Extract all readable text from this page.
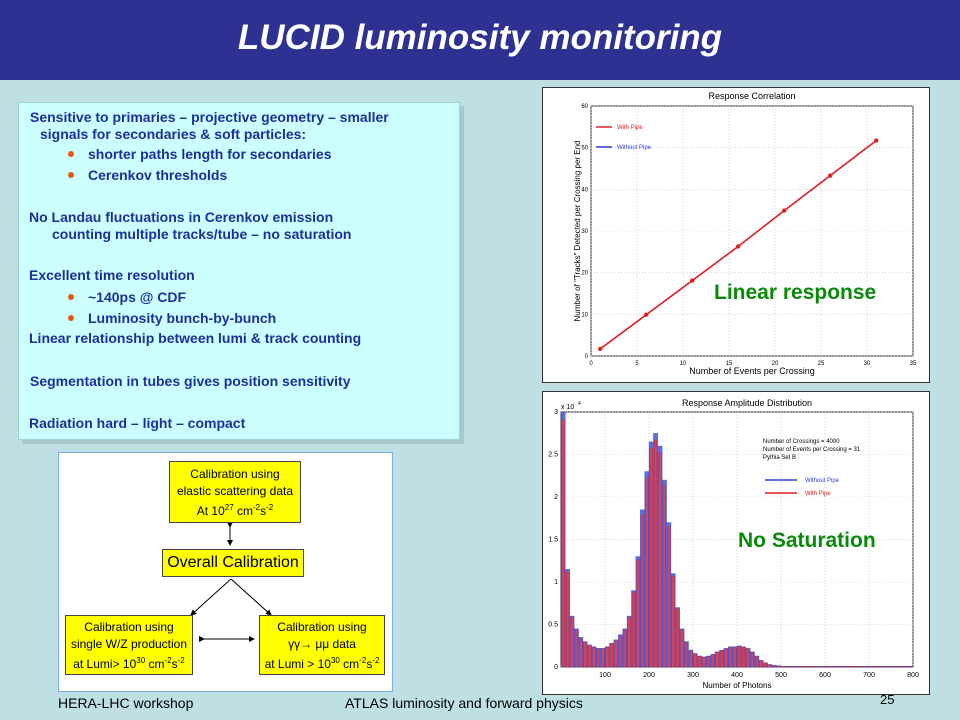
LUCID luminosity monitoring
Sensitive to primaries – projective geometry – smaller
signals for secondaries & soft particles:
shorter paths length for secondaries
Cerenkov thresholds
No Landau fluctuations in Cerenkov emission
counting multiple tracks/tube – no saturation
Excellent time resolution
~140ps @ CDF
Luminosity bunch-by-bunch
Linear relationship between lumi & track counting
Segmentation in tubes gives position sensitivity
Radiation hard – light – compact
Calibration using
elastic scattering data
At $10^{27}$ $cm^{-2}s^{-2}$
Overall Calibration
Calibration using
single W/Z production
at Lumi> $10^{30}$ $cm^{-2}s^{-2}$
Calibration using
γγ→ μμ data
at Lumi > $10^{30}$ $cm^{-2}s^{-2}$
Response Correlation
0	5	10	15	20	25	30	35
0
10
20
30
40
50
60
Number of Events per Crossing
Number of "Tracks" Detected per Crossing per End
With Pipe
Without Pipe
Response Amplitude Distribution
100	200	300	400	500	600	700	800
0
0.5
1
1.5
2
2.5
3
x 10 4
Number of Photons
Number of Crossings = 4000
Number of Events per Crossing = 31
Pythia Set B
Without Pipe
With Pipe
Linear response
No Saturation
HERA-LHC workshop	ATLAS luminosity and forward physics	25
